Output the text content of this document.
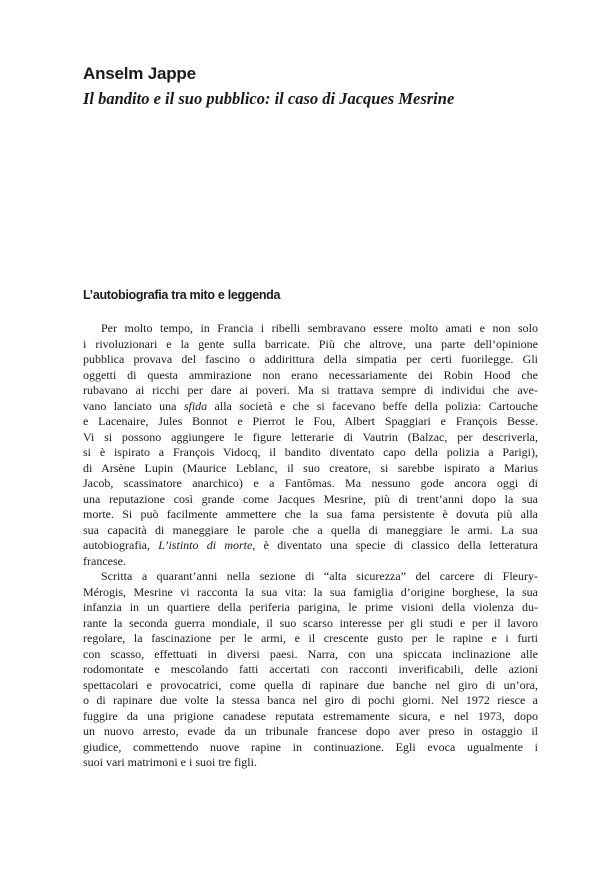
Anselm Jappe
Il bandito e il suo pubblico: il caso di Jacques Mesrine
L’autobiografia tra mito e leggenda

Per molto tempo, in Francia i ribelli sembravano essere molto amati e non solo
i rivoluzionari e la gente sulla barricate. Più che altrove, una parte dell’opinione
pubblica provava del fascino o addirittura della simpatia per certi fuorilegge. Gli
oggetti di questa ammirazione non erano necessariamente dei Robin Hood che
rubavano ai ricchi per dare ai poveri. Ma si trattava sempre di individui che ave-
vano lanciato una sfida alla società e che si facevano beffe della polizia: Cartouche
e Lacenaire, Jules Bonnot e Pierrot le Fou, Albert Spaggiari e François Besse.
Vi si possono aggiungere le figure letterarie di Vautrin (Balzac, per descriverla,
si è ispirato a François Vidocq, il bandito diventato capo della polizia a Parigi),
di Arsène Lupin (Maurice Leblanc, il suo creatore, si sarebbe ispirato a Marius
Jacob, scassinatore anarchico) e a Fantômas. Ma nessuno gode ancora oggi di
una reputazione così grande come Jacques Mesrine, più di trent’anni dopo la sua
morte. Si può facilmente ammettere che la sua fama persistente è dovuta più alla
sua capacità di maneggiare le parole che a quella di maneggiare le armi. La sua
autobiografia, L’istinto di morte, è diventato una specie di classico della letteratura
francese.

Scritta a quarant’anni nella sezione di “alta sicurezza” del carcere di Fleury-
Mérogis, Mesrine vi racconta la sua vita: la sua famiglia d’origine borghese, la sua
infanzia in un quartiere della periferia parigina, le prime visioni della violenza du-
rante la seconda guerra mondiale, il suo scarso interesse per gli studi e per il lavoro
regolare, la fascinazione per le armi, e il crescente gusto per le rapine e i furti
con scasso, effettuati in diversi paesi. Narra, con una spiccata inclinazione alle
rodomontate e mescolando fatti accertati con racconti inverificabili, delle azioni
spettacolari e provocatrici, come quella di rapinare due banche nel giro di un’ora,
o di rapinare due volte la stessa banca nel giro di pochi giorni. Nel 1972 riesce a
fuggire da una prigione canadese reputata estremamente sicura, e nel 1973, dopo
un nuovo arresto, evade da un tribunale francese dopo aver preso in ostaggio il
giudice, commettendo nuove rapine in continuazione. Egli evoca ugualmente i
suoi vari matrimoni e i suoi tre figli.
